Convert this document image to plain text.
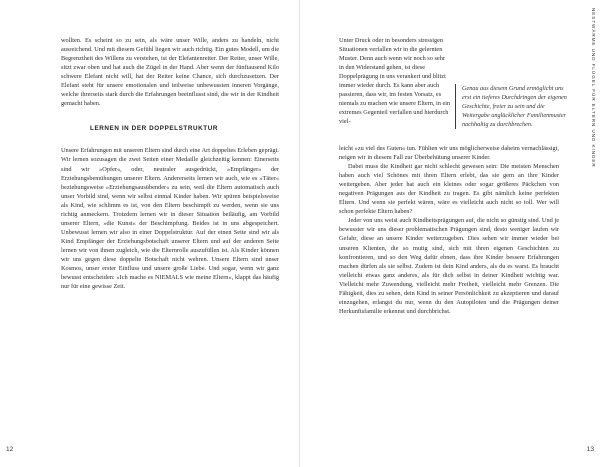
wollten. Es scheint so zu sein, als wäre unser Wille, anders zu handeln, nicht ausreichend. Und mit diesem Gefühl liegen wir auch richtig. Ein gutes Modell, um die Begrenztheit des Willens zu verstehen, ist der Elefantenreiter. Der Reiter, unser Wille, sitzt zwar oben und hat auch die Zügel in der Hand. Aber wenn der fünftausend Kilo schwere Elefant nicht will, hat der Reiter keine Chance, sich durchzusetzen. Der Elefant steht für unsere emotionalen und teilweise unbewussten inneren Vorgänge, welche ihrerseits stark durch die Erfahrungen beeinflusst sind, die wir in der Kindheit gemacht haben.

LERNEN IN DER DOPPELSTRUKTUR

Unsere Erfahrungen mit unseren Eltern sind durch eine Art doppeltes Erleben geprägt. Wir lernen sozusagen die zwei Seiten einer Medaille gleichzeitig kennen: Einerseits sind wir »Opfer«, oder, neutraler ausgedrückt, »Empfänger« der Erziehungsbemühungen unserer Eltern. Andererseits lernen wir auch, wie es »Täter« beziehungsweise »Erziehungsausübender« zu sein, weil die Eltern automatisch auch unser Vorbild sind, wenn wir selbst einmal Kinder haben. Wir spüren beispielsweise als Kind, wie schlimm es ist, von den Eltern beschimpft zu werden, wenn sie uns richtig anmeckern. Trotzdem lernen wir in dieser Situation beiläufig, am Vorbild unserer Eltern, »die Kunst« der Beschimpfung. Beides ist in uns abgespeichert. Unbewusst lernen wir also in einer Doppelstruktur. Auf der einen Seite sind wir als Kind Empfänger der Erziehungsbotschaft unserer Eltern und auf der anderen Seite lernen wir von ihnen zugleich, wie die Elternrolle auszufüllen ist. Als Kinder können wir uns gegen diese doppelte Botschaft nicht wehren. Unsere Eltern sind unser Kosmos, unser erster Einfluss und unsere große Liebe. Und sogar, wenn wir ganz bewusst entscheiden: »Ich mache es NIEMALS wie meine Eltern«, klappt das häufig nur für eine gewisse Zeit.

12

Unter Druck oder in besonders stressigen Situationen verfallen wir in die gelernten Muster. Denn auch wenn wir noch so sehr in den Widerstand gehen, ist diese Doppelprägung in uns verankert und blitzt immer wieder durch. Es kann aber auch passieren, dass wir, im festen Vorsatz, es niemals zu machen wie unsere Eltern, in ein extremes Gegenteil verfallen und hierdurch viel-

Genau aus diesem Grund ermöglicht uns erst ein tieferes Durchdringen der eigenen Geschichte, freier zu sein und die Weitergabe unglücklicher Familienmuster nachhaltig zu durchbrechen.

leicht »zu viel des Guten« tun. Fühlten wir uns möglicherweise daheim vernachlässigt, neigen wir in diesem Fall zur Überbehütung unserer Kinder.

Dabei muss die Kindheit gar nicht schlecht gewesen sein: Die meisten Menschen haben auch viel Schönes mit ihren Eltern erlebt, das sie gern an ihre Kinder weitergeben. Aber jeder hat auch ein kleines oder sogar größeres Päckchen von negativen Prägungen aus der Kindheit zu tragen. Es gibt nämlich keine perfekten Eltern. Und wenn sie perfekt wären, wäre es vielleicht auch nicht so toll. Wer will schon perfekte Eltern haben?

Jeder von uns weist auch Kindheitsprägungen auf, die nicht so günstig sind. Und je bewusster wir uns dieser problematischen Prägungen sind, desto weniger laufen wir Gefahr, diese an unsere Kinder weiterzugeben. Dies sehen wir immer wieder bei unseren Klienten, die so mutig sind, sich mit ihren eigenen Geschichten zu konfrontieren, und so den Weg dafür ebnen, dass ihre Kinder bessere Erfahrungen machen dürfen als sie selbst. Zudem ist dein Kind anders, als du es warst. Es braucht vielleicht etwas ganz anderes, als für dich selbst in deiner Kindheit wichtig war. Vielleicht mehr Zuwendung, vielleicht mehr Freiheit, vielleicht mehr Grenzen. Die Fähigkeit, dies zu sehen, dein Kind in seiner Persönlichkeit zu akzeptieren und darauf einzugehen, erlangst du nur, wenn du den Autopiloten und die Prägungen deiner Herkunftsfamilie erkennst und durchbrichst.

NESTWÄRME UND FLÜGEL FÜR ELTERN UND KINDER
13
